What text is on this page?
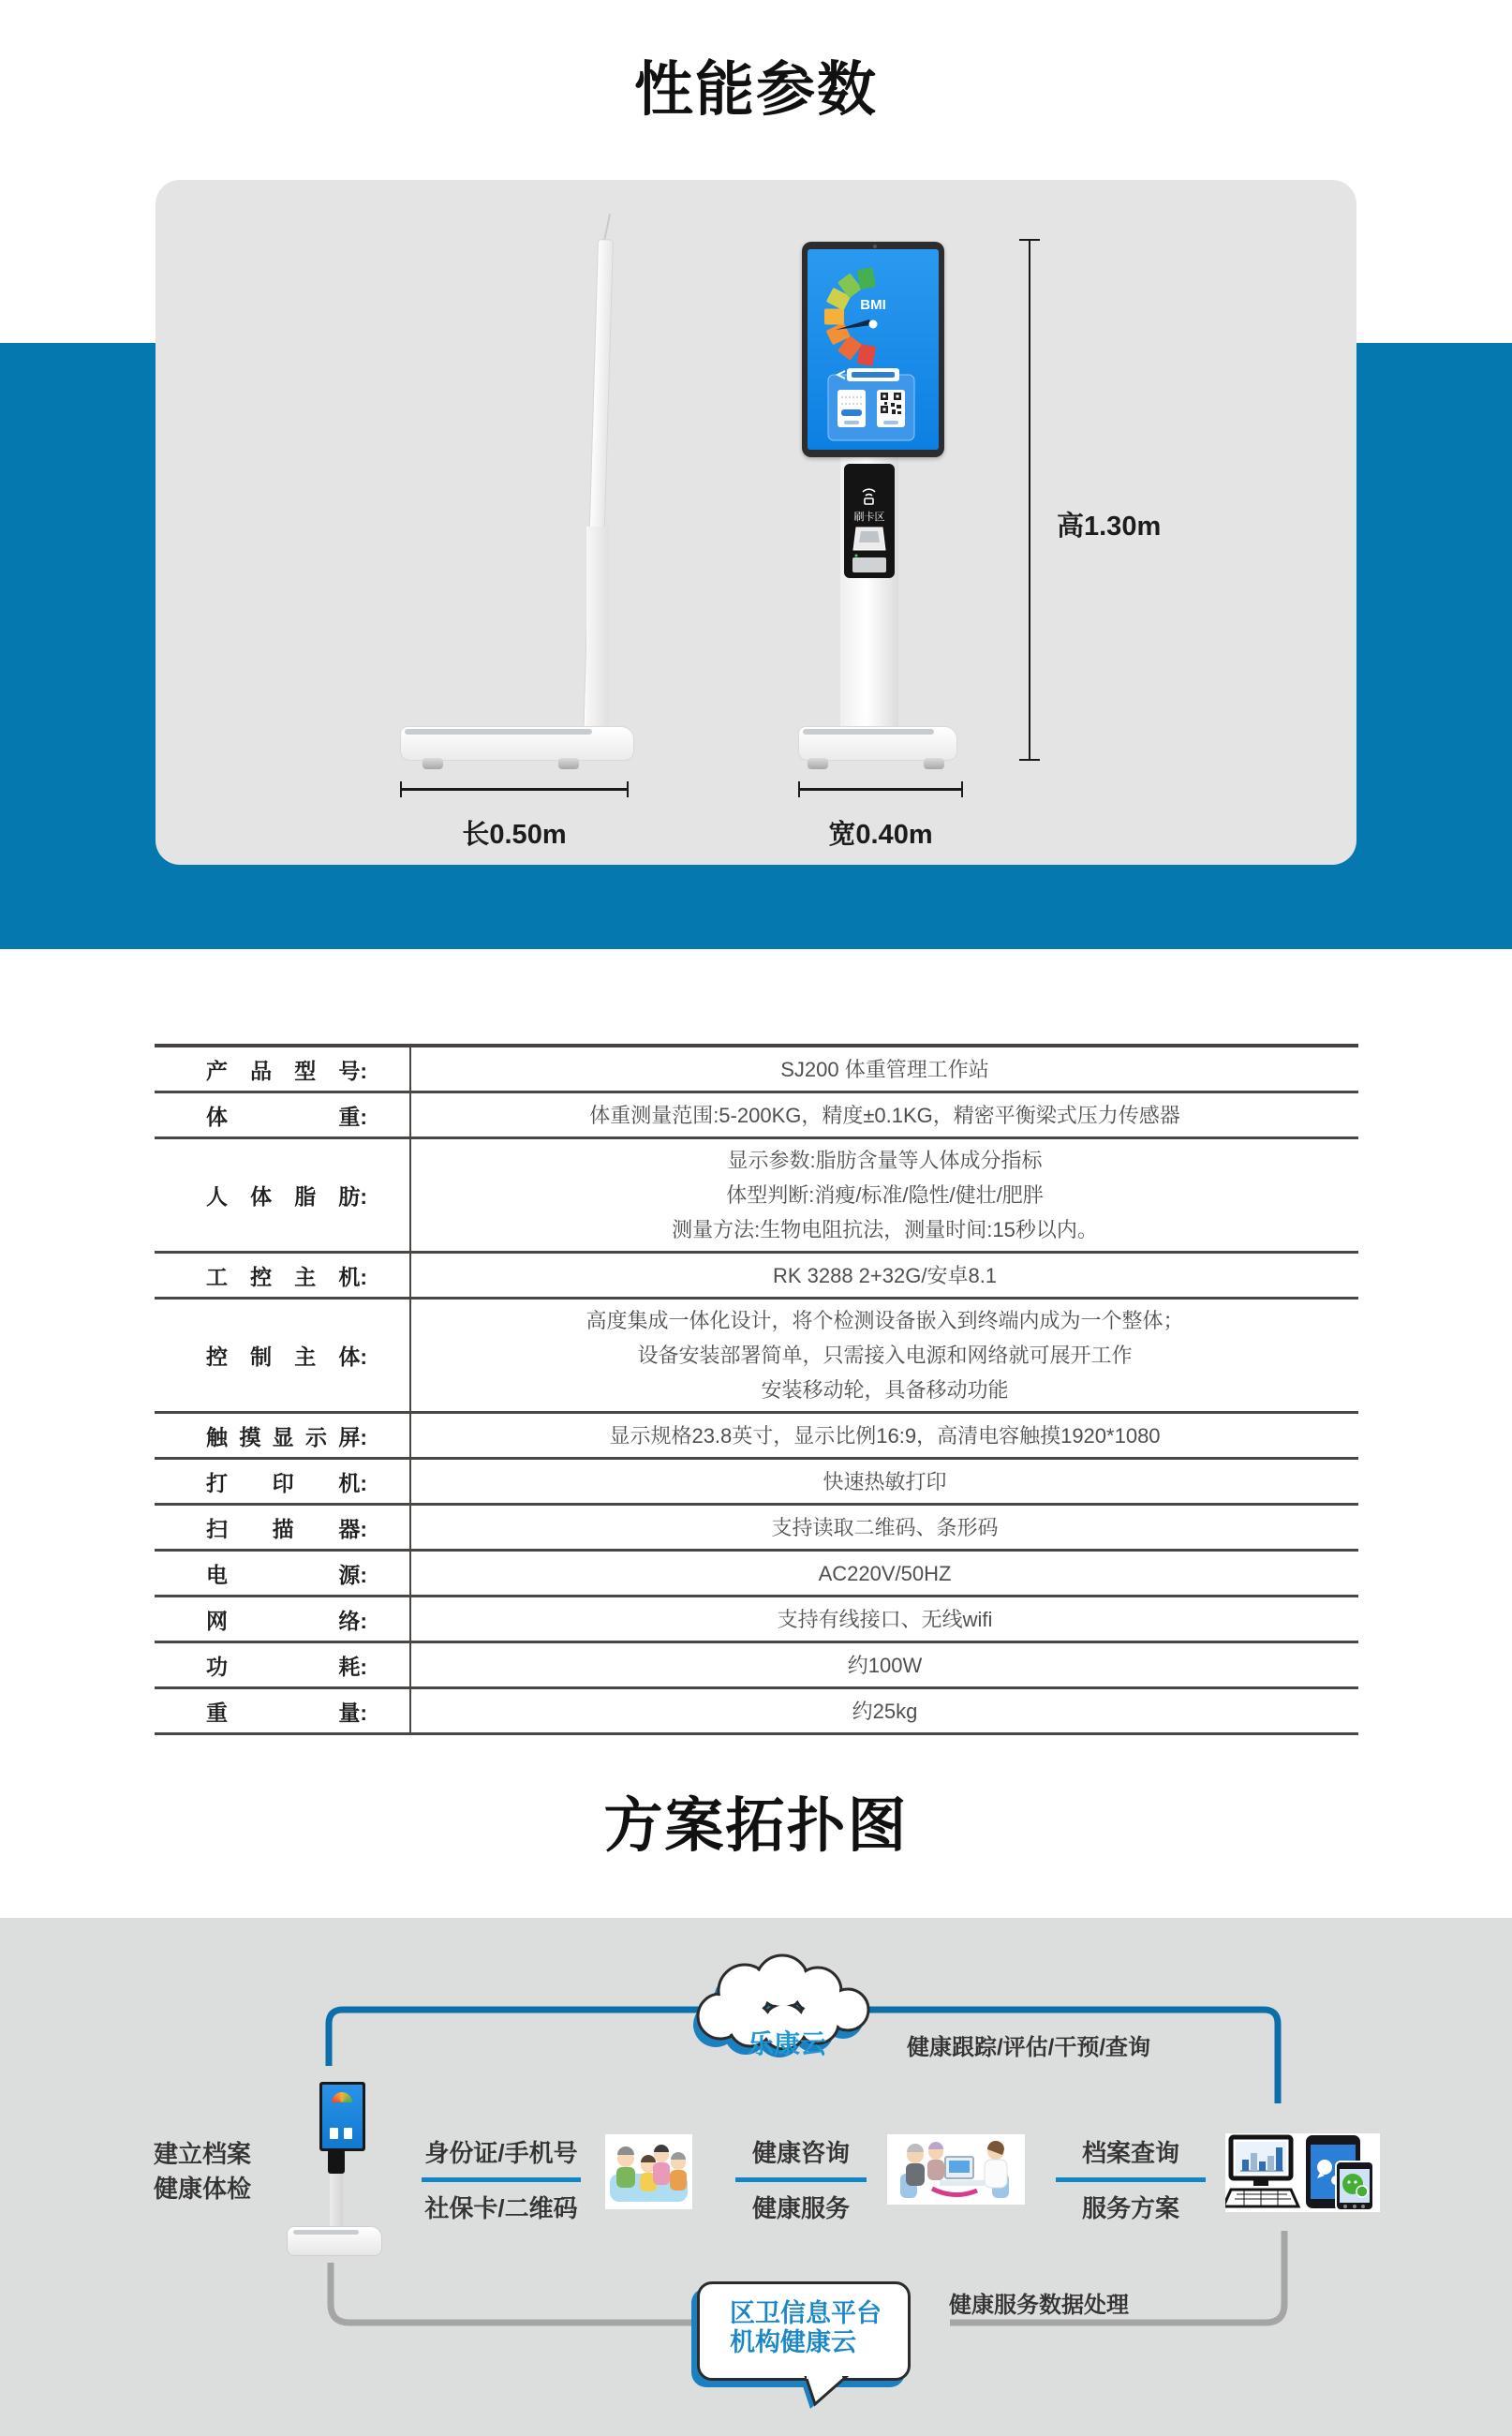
性能参数
BMI
刷卡区	高1.30m
长0.50m	宽0.40m
产 品 型 号:	SJ200 体重管理工作站

体 重:	体重测量范围:5-200KG，精度±0.1KG，精密平衡梁式压力传感器

人 体 脂 肪:

显示参数:脂肪含量等人体成分指标
体型判断:消瘦/标准/隐性/健壮/肥胖
测量方法:生物电阻抗法，测量时间:15秒以内。

工 控 主 机:	RK 3288 2+32G/安卓8.1

控 制 主 体:

高度集成一体化设计，将个检测设备嵌入到终端内成为一个整体；
设备安装部署简单，只需接入电源和网络就可展开工作
安装移动轮，具备移动功能

触 摸 显 示 屏:	显示规格23.8英寸，显示比例16:9，高清电容触摸1920*1080

打 印 机:	快速热敏打印

扫 描 器:	支持读取二维码、条形码

电 源:	AC220V/50HZ

网 络:	支持有线接口、无线wifi

功 耗:	约100W

重 量:	约25kg
方案拓扑图
乐康云	健康跟踪/评估/干预/查询
建立档案
健康体检
身份证/手机号
社保卡/二维码
健康咨询
健康服务
档案查询
服务方案
健康服务数据处理
区卫信息平台
机构健康云
